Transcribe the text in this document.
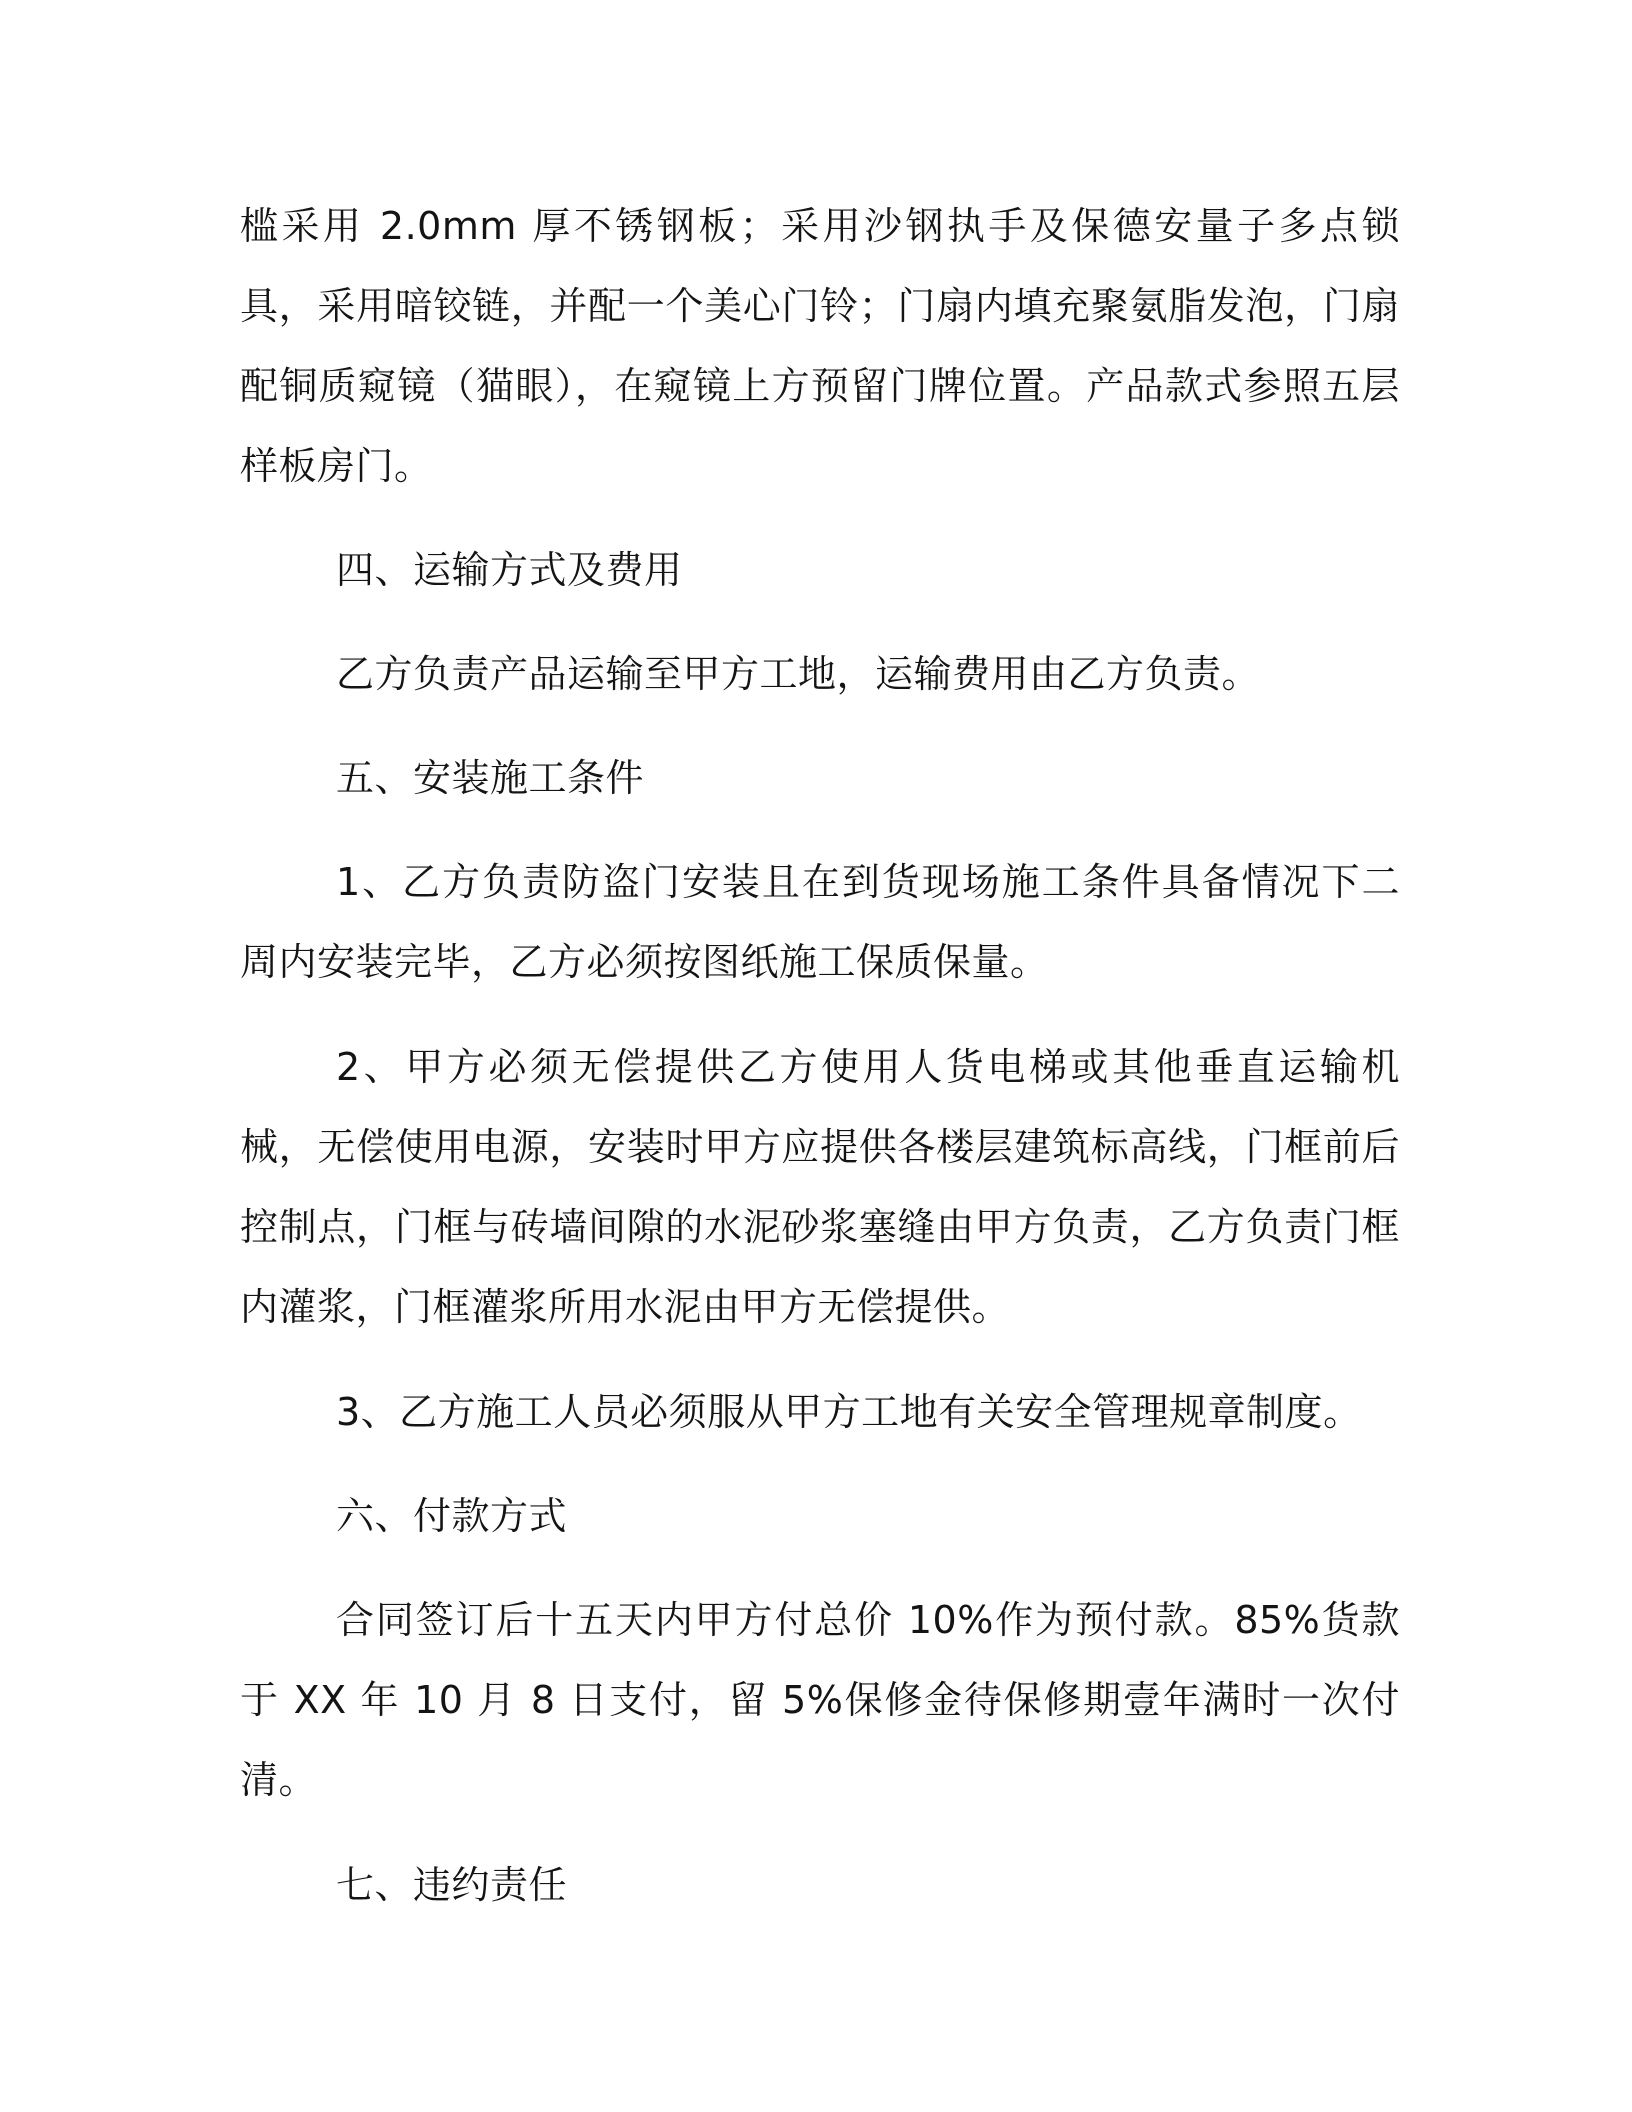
槛采用 2.0mm 厚不锈钢板；采用沙钢执手及保德安量子多点锁具，采用暗铰链，并配一个美心门铃；门扇内填充聚氨脂发泡，门扇配铜质窥镜（猫眼），在窥镜上方预留门牌位置。产品款式参照五层样板房门。

四、运输方式及费用

乙方负责产品运输至甲方工地，运输费用由乙方负责。

五、安装施工条件

1、乙方负责防盗门安装且在到货现场施工条件具备情况下二周内安装完毕，乙方必须按图纸施工保质保量。

2、甲方必须无偿提供乙方使用人货电梯或其他垂直运输机械，无偿使用电源，安装时甲方应提供各楼层建筑标高线，门框前后控制点，门框与砖墙间隙的水泥砂浆塞缝由甲方负责，乙方负责门框内灌浆，门框灌浆所用水泥由甲方无偿提供。

3、乙方施工人员必须服从甲方工地有关安全管理规章制度。

六、付款方式

合同签订后十五天内甲方付总价 10%作为预付款。85%货款于 XX 年 10 月 8 日支付，留 5%保修金待保修期壹年满时一次付清。

七、违约责任
